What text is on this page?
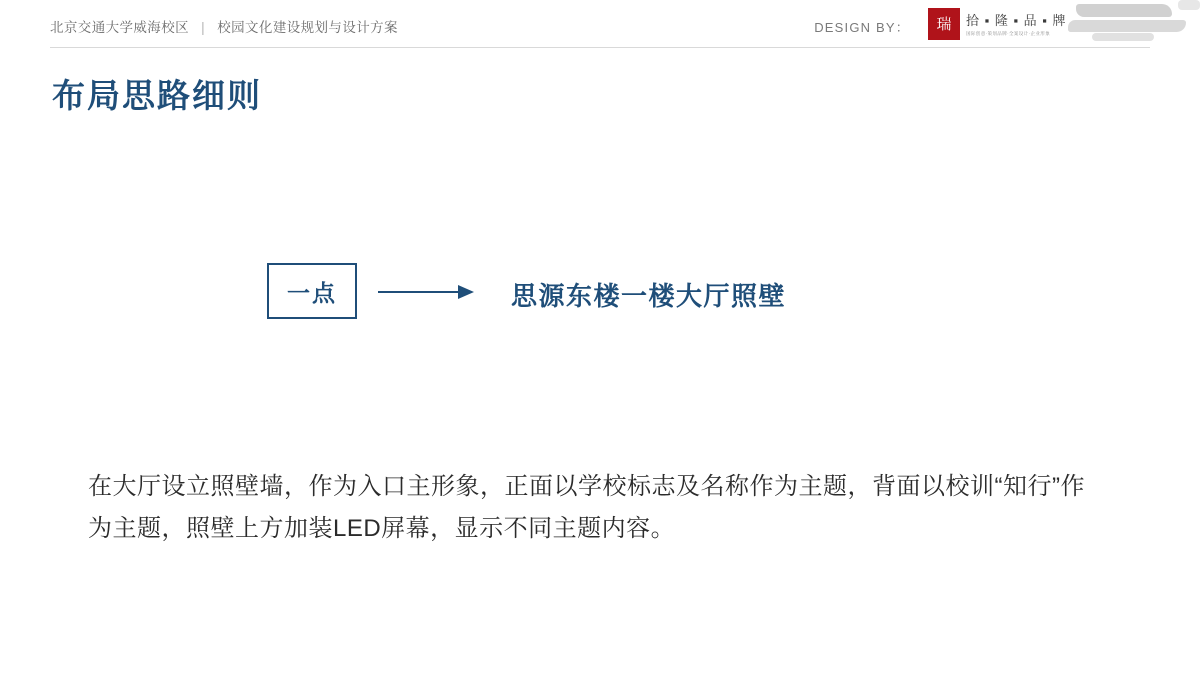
北京交通大学威海校区 | 校园文化建设规划与设计方案	DESIGN BY：	瑞	拾 ▪ 隆 ▪ 品 ▪ 牌
国际创意·策划品牌·全案设计·企业形象
布局思路细则
一点	思源东楼一楼大厅照壁
在大厅设立照壁墙，作为入口主形象，正面以学校标志及名称作为主题，背面以校训“知行”作为主题，照壁上方加装LED屏幕，显示不同主题内容。
